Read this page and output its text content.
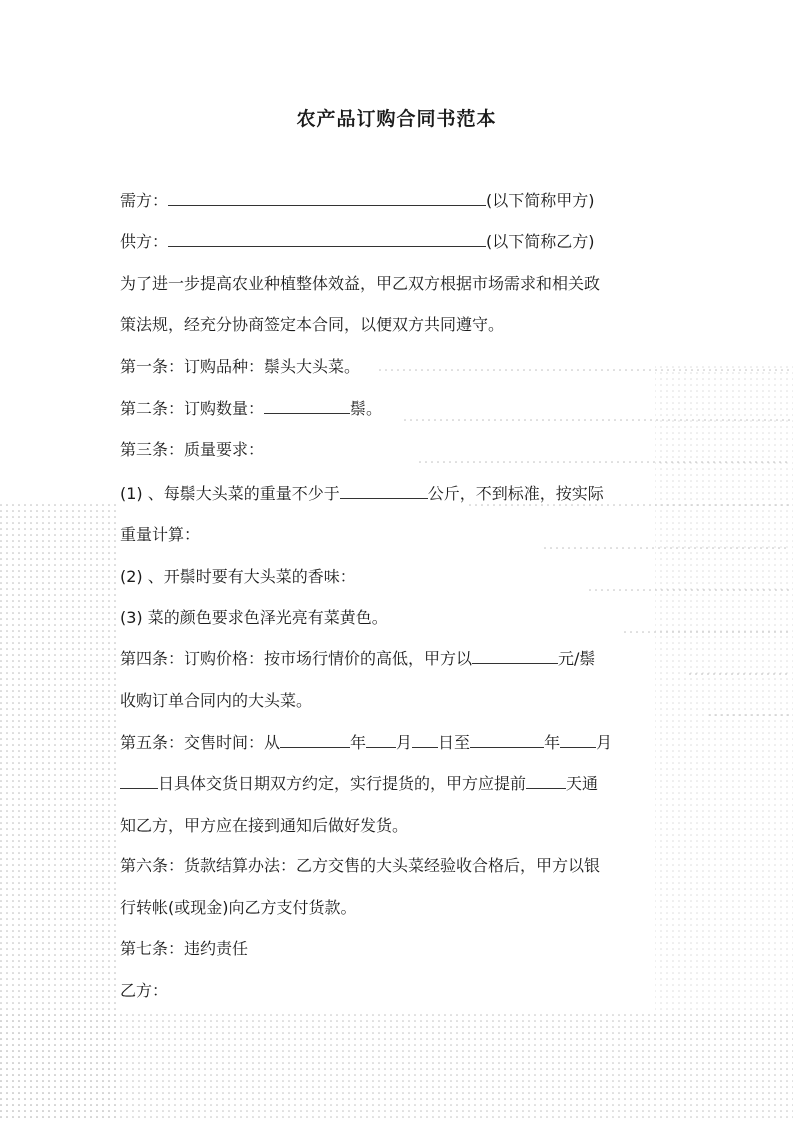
农产品订购合同书范本
需方：	(以下简称甲方)
供方：	(以下简称乙方)
为了进一步提高农业种植整体效益，甲乙双方根据市场需求和相关政
策法规，经充分协商签定本合同，以便双方共同遵守。
第一条：订购品种：鬃头大头菜。
第二条：订购数量：	鬃。
第三条：质量要求：
(1) 、每鬃大头菜的重量不少于	公斤，不到标准，按实际
重量计算：
(2) 、开鬃时要有大头菜的香味：
(3) 菜的颜色要求色泽光亮有菜黄色。
第四条：订购价格：按市场行情价的高低，甲方以	元/鬃
收购订单合同内的大头菜。
第五条：交售时间：从	年 月 日至	年 月
日具体交货日期双方约定，实行提货的，甲方应提前	天通
知乙方，甲方应在接到通知后做好发货。
第六条：货款结算办法：乙方交售的大头菜经验收合格后，甲方以银
行转帐(或现金)向乙方支付货款。
第七条：违约责任
乙方：
